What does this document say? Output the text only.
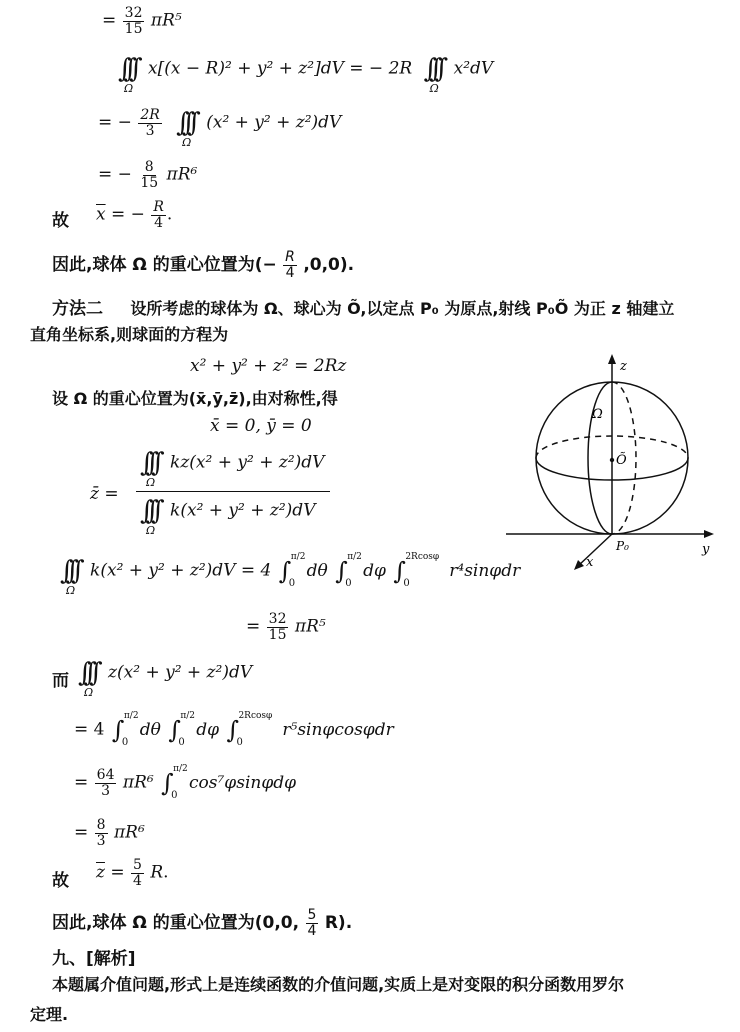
= $\frac{32}{15} \pi R^5$
∫∫∫
Ω
x[(x − R)² + y² + z²]dV = − 2R ∫∫∫
Ω
x²dV
= − $\frac{2R}{3}$ ∫∫∫
Ω
(x² + y² + z²)dV
= − $\frac{8}{15} \pi R^6$
故 $\overline{x}$ = − $\frac{R}{4}$ .
因此,球体 Ω 的重心位置为(− $\frac{R}{4} ,0,0$).
方法二 设所考虑的球体为 Ω、球心为 Õ,以定点 P₀ 为原点,射线 P₀Õ 为正 z 轴建立
直角坐标系,则球面的方程为
x² + y² + z² = 2Rz
设 Ω 的重心位置为(x̄,ȳ,z̄),由对称性,得
x̄ = 0, ȳ = 0
z̄ =
∫∫∫
Ω
kz(x² + y² + z²)dV
∫∫∫
Ω
k(x² + y² + z²)dV
∫∫∫
Ω
k(x² + y² + z²)dV = 4 ∫ π/2
0
dθ ∫ π/2
0
dφ ∫ 2Rcosφ
0
r⁴sinφdr
= $\frac{32}{15} \pi R^5$
而 ∫∫∫
Ω
z(x² + y² + z²)dV
= 4 ∫ π/2
0
dθ ∫ π/2
0
dφ ∫ 2Rcosφ
0
r⁵sinφcosφdr
= $\frac{64}{3} \pi R^6$ ∫ π/2
0
cos⁷φsinφdφ
= $\frac{8}{3} \pi R^6$
故 $\overline{z} = \frac{5}{4} R$.
因此,球体 Ω 的重心位置为(0,0, $\frac{5}{4} R$).
九、[解析]
本题属介值问题,形式上是连续函数的介值问题,实质上是对变限的积分函数用罗尔
定理.
z
y
x
Ω
Õ
P₀
